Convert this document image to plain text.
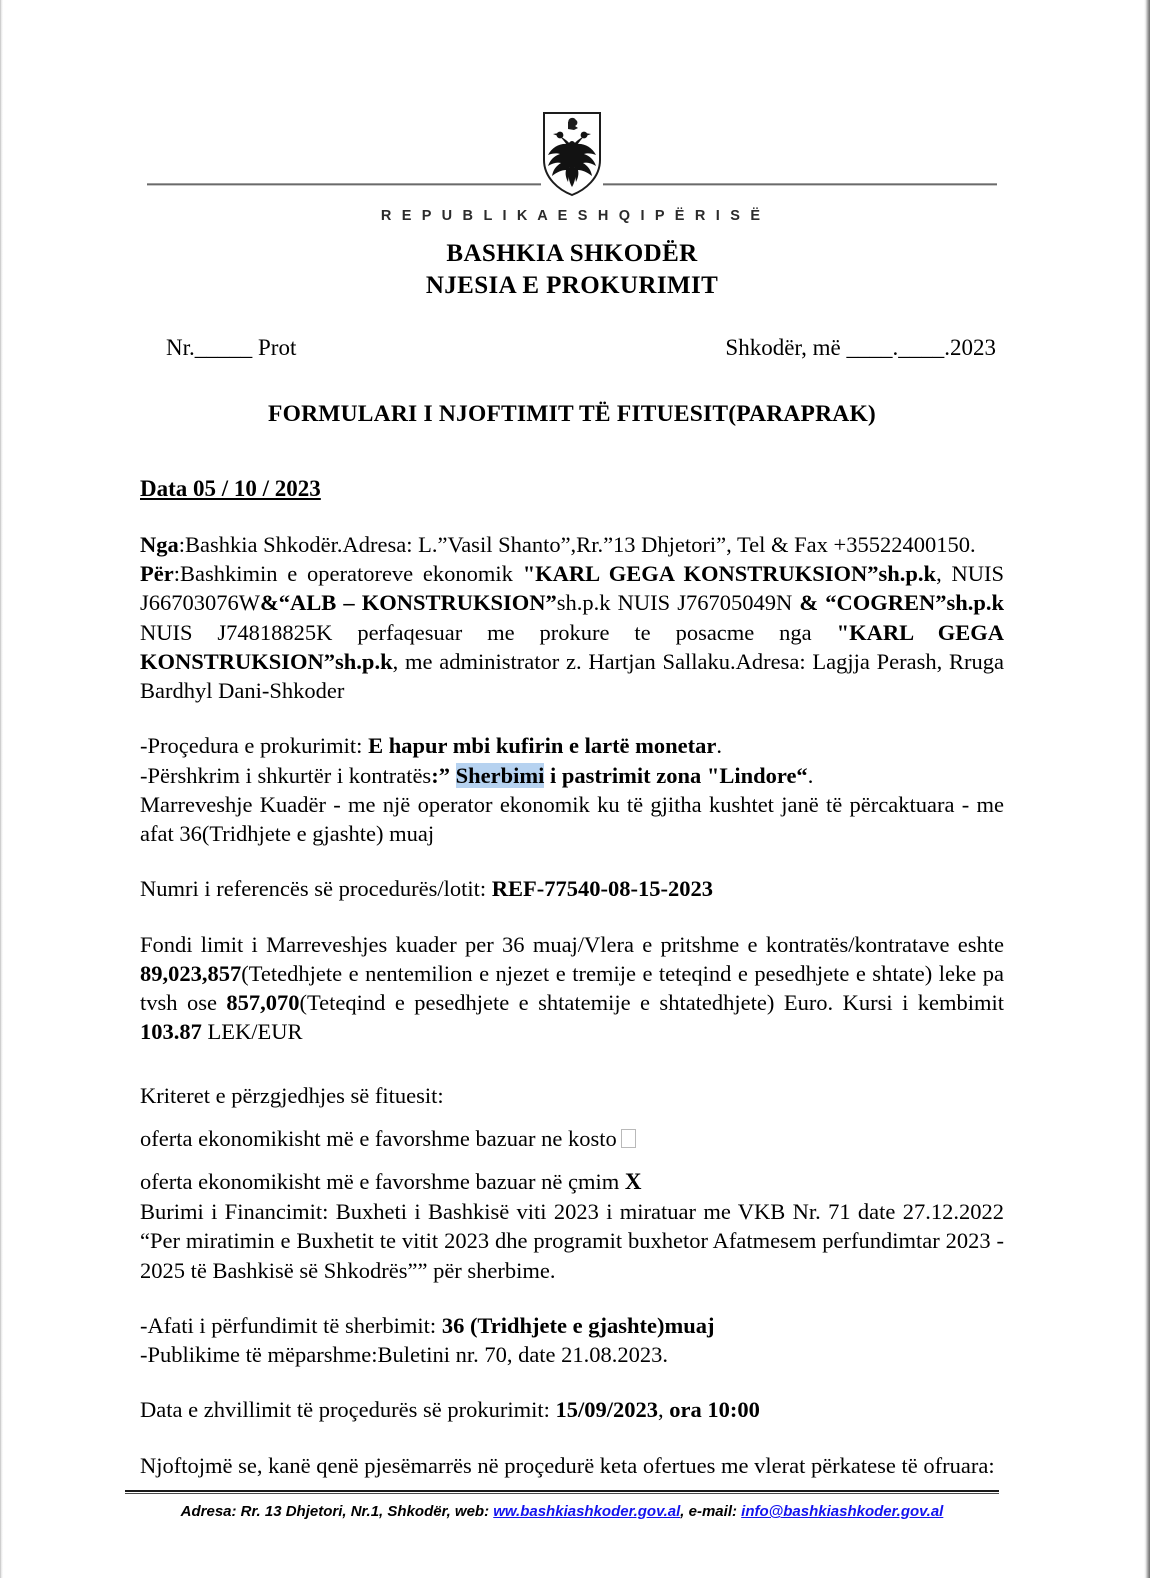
R E P U B L I K A E S H Q I P Ë R I S Ë
BASHKIA SHKODËR
NJESIA E PROKURIMIT
Nr._____ Prot	Shkodër, më ____.____.2023
FORMULARI I NJOFTIMIT TË FITUESIT(PARAPRAK)
Data 05 / 10 / 2023

Nga:Bashkia Shkodër.Adresa: L.”Vasil Shanto”,Rr.”13 Dhjetori”, Tel & Fax +35522400150.

Për:Bashkimin e operatoreve ekonomik "KARL GEGA KONSTRUKSION”sh.p.k, NUIS J66703076W&“ALB – KONSTRUKSION”sh.p.k NUIS J76705049N & “COGREN”sh.p.k NUIS J74818825K perfaqesuar me prokure te posacme nga "KARL GEGA KONSTRUKSION”sh.p.k, me administrator z. Hartjan Sallaku.Adresa: Lagjja Perash, Rruga Bardhyl Dani-Shkoder

-Proçedura e prokurimit: E hapur mbi kufirin e lartë monetar.

-Përshkrim i shkurtër i kontratës:” Sherbimi i pastrimit zona "Lindore“.

Marreveshje Kuadër - me një operator ekonomik ku të gjitha kushtet janë të përcaktuara - me afat 36(Tridhjete e gjashte) muaj

Numri i referencës së procedurës/lotit: REF-77540-08-15-2023

Fondi limit i Marreveshjes kuader per 36 muaj/Vlera e pritshme e kontratës/kontratave eshte 89,023,857(Tetedhjete e nentemilion e njezet e tremije e teteqind e pesedhjete e shtate) leke pa tvsh ose 857,070(Teteqind e pesedhjete e shtatemije e shtatedhjete) Euro. Kursi i kembimit 103.87 LEK/EUR

Kriteret e përzgjedhjes së fituesit:

oferta ekonomikisht më e favorshme bazuar ne kosto

oferta ekonomikisht më e favorshme bazuar në çmim X

Burimi i Financimit: Buxheti i Bashkisë viti 2023 i miratuar me VKB Nr. 71 date 27.12.2022 “Per miratimin e Buxhetit te vitit 2023 dhe programit buxhetor Afatmesem perfundimtar 2023 - 2025 të Bashkisë së Shkodrës”” për sherbime.

-Afati i përfundimit të sherbimit: 36 (Tridhjete e gjashte)muaj

-Publikime të mëparshme:Buletini nr. 70, date 21.08.2023.

Data e zhvillimit të proçedurës së prokurimit: 15/09/2023, ora 10:00

Njoftojmë se, kanë qenë pjesëmarrës në proçedurë keta ofertues me vlerat përkatese të ofruara:

Adresa: Rr. 13 Dhjetori, Nr.1, Shkodër, web: ww.bashkiashkoder.gov.al, e-mail: info@bashkiashkoder.gov.al
